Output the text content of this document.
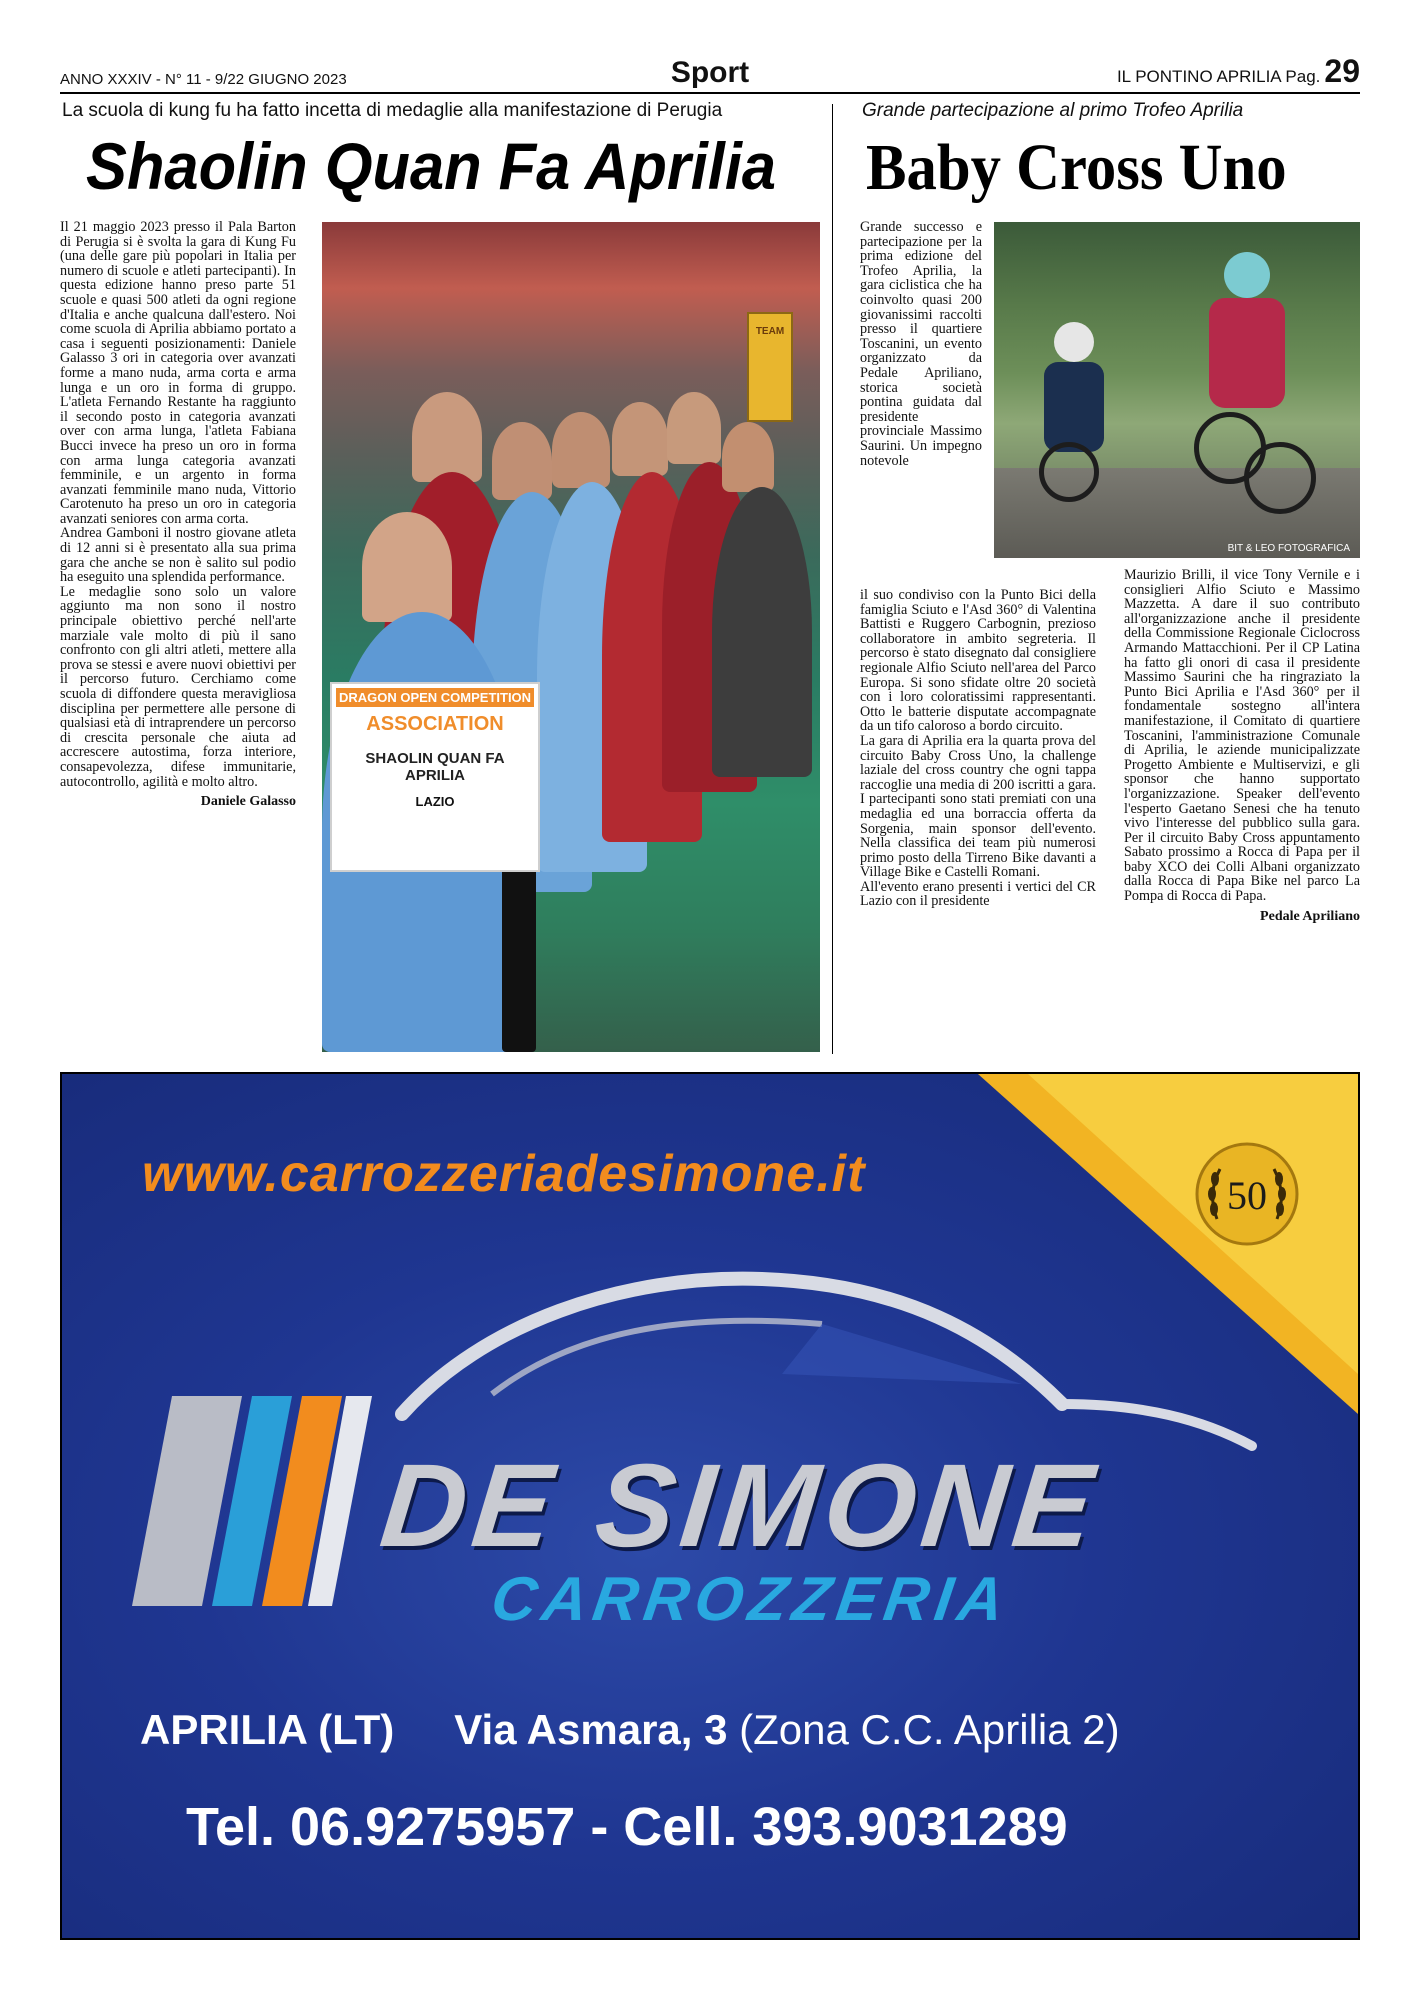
ANNO XXXIV - N° 11 - 9/22 GIUGNO 2023	Sport	IL PONTINO APRILIA Pag. 29
La scuola di kung fu ha fatto incetta di medaglie alla manifestazione di Perugia
Shaolin Quan Fa Aprilia

Il 21 maggio 2023 presso il Pala Barton di Perugia si è svolta la gara di Kung Fu (una delle gare più popolari in Italia per numero di scuole e atleti partecipanti). In questa edizione hanno preso parte 51 scuole e quasi 500 atleti da ogni regione d'Italia e anche qualcuna dall'estero. Noi come scuola di Aprilia abbiamo portato a casa i seguenti posizionamenti: Daniele Galasso 3 ori in categoria over avanzati forme a mano nuda, arma corta e arma lunga e un oro in forma di gruppo. L'atleta Fernando Restante ha raggiunto il secondo posto in categoria avanzati over con arma lunga, l'atleta Fabiana Bucci invece ha preso un oro in forma con arma lunga categoria avanzati femminile, e un argento in forma avanzati femminile mano nuda, Vittorio Carotenuto ha preso un oro in categoria avanzati seniores con arma corta.

Andrea Gamboni il nostro giovane atleta di 12 anni si è presentato alla sua prima gara che anche se non è salito sul podio ha eseguito una splendida performance.

Le medaglie sono solo un valore aggiunto ma non sono il nostro principale obiettivo perché nell'arte marziale vale molto di più il sano confronto con gli altri atleti, mettere alla prova se stessi e avere nuovi obiettivi per il percorso futuro. Cerchiamo come scuola di diffondere questa meravigliosa disciplina per permettere alle persone di qualsiasi età di intraprendere un percorso di crescita personale che aiuta ad accrescere autostima, forza interiore, consapevolezza, difese immunitarie, autocontrollo, agilità e molto altro.

Daniele Galasso
TEAM
DRAGON OPEN COMPETITION
ASSOCIATION
SHAOLIN QUAN FA APRILIA
LAZIO
Grande partecipazione al primo Trofeo Aprilia
Baby Cross Uno
Grande successo e partecipazione per la prima edizione del Trofeo Aprilia, la gara ciclistica che ha coinvolto quasi 200 giovanissimi raccolti presso il quartiere Toscanini, un evento organizzato da Pedale Apriliano, storica società pontina guidata dal presidente provinciale Massimo Saurini. Un impegno notevole
BIT & LEO FOTOGRAFICA

il suo condiviso con la Punto Bici della famiglia Sciuto e l'Asd 360° di Valentina Battisti e Ruggero Carbognin, prezioso collaboratore in ambito segreteria. Il percorso è stato disegnato dal consigliere regionale Alfio Sciuto nell'area del Parco Europa. Si sono sfidate oltre 20 società con i loro coloratissimi rappresentanti. Otto le batterie disputate accompagnate da un tifo caloroso a bordo circuito.

La gara di Aprilia era la quarta prova del circuito Baby Cross Uno, la challenge laziale del cross country che ogni tappa raccoglie una media di 200 iscritti a gara. I partecipanti sono stati premiati con una medaglia ed una borraccia offerta da Sorgenia, main sponsor dell'evento. Nella classifica dei team più numerosi primo posto della Tirreno Bike davanti a Village Bike e Castelli Romani.

All'evento erano presenti i vertici del CR Lazio con il presidente

Maurizio Brilli, il vice Tony Vernile e i consiglieri Alfio Sciuto e Massimo Mazzetta. A dare il suo contributo all'organizzazione anche il presidente della Commissione Regionale Ciclocross Armando Mattacchioni. Per il CP Latina ha fatto gli onori di casa il presidente Massimo Saurini che ha ringraziato la Punto Bici Aprilia e l'Asd 360° per il fondamentale sostegno all'intera manifestazione, il Comitato di quartiere Toscanini, l'amministrazione Comunale di Aprilia, le aziende municipalizzate Progetto Ambiente e Multiservizi, e gli sponsor che hanno supportato l'organizzazione. Speaker dell'evento l'esperto Gaetano Senesi che ha tenuto vivo l'interesse del pubblico sulla gara. Per il circuito Baby Cross appuntamento Sabato prossimo a Rocca di Papa per il baby XCO dei Colli Albani organizzato dalla Rocca di Papa Bike nel parco La Pompa di Rocca di Papa.

Pedale Apriliano
www.carrozzeriadesimone.it	50
DE SIMONE
CARROZZERIA
APRILIA (LT) Via Asmara, 3 (Zona C.C. Aprilia 2)
Tel. 06.9275957 - Cell. 393.9031289
